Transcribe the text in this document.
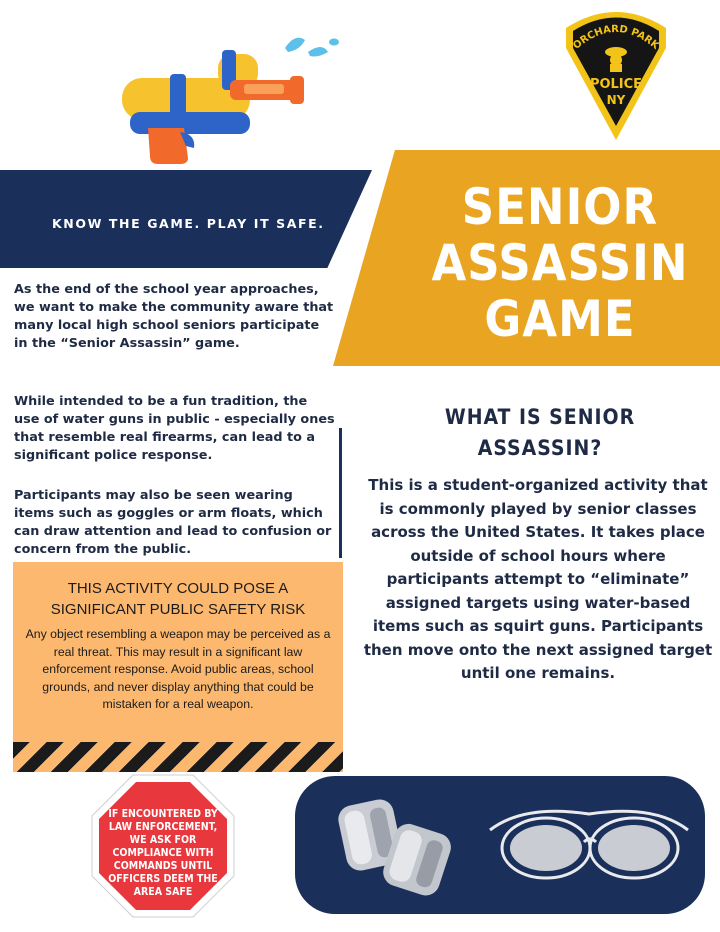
ORCHARD PARK
POLICE
NY
KNOW THE GAME. PLAY IT SAFE.	SENIOR
ASSASSIN
GAME
As the end of the school year approaches, we want to make the community aware that many local high school seniors participate in the “Senior Assassin” game.
While intended to be a fun tradition, the use of water guns in public - especially ones that resemble real firearms, can lead to a significant police response.
Participants may also be seen wearing items such as goggles or arm floats, which can draw attention and lead to confusion or concern from the public.
THIS ACTIVITY COULD POSE A SIGNIFICANT PUBLIC SAFETY RISK
Any object resembling a weapon may be perceived as a real threat. This may result in a significant law enforcement response. Avoid public areas, school grounds, and never display anything that could be mistaken for a real weapon.
WHAT IS SENIOR ASSASSIN?
This is a student-organized activity that is commonly played by senior classes across the United States. It takes place outside of school hours where participants attempt to “eliminate” assigned targets using water-based items such as squirt guns. Participants then move onto the next assigned target until one remains.
IF ENCOUNTERED BY LAW ENFORCEMENT, WE ASK FOR COMPLIANCE WITH COMMANDS UNTIL OFFICERS DEEM THE AREA SAFE
